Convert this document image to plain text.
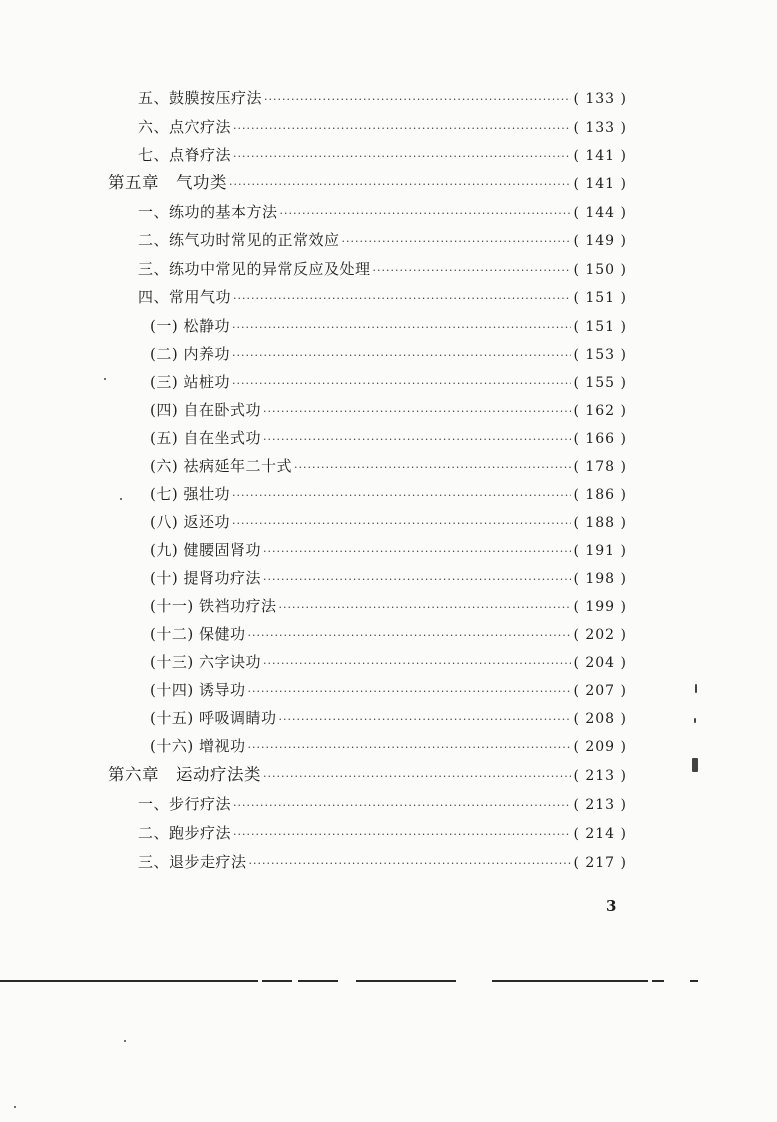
五、鼓膜按压疗法 ·····	( 133 )
六、点穴疗法 ·····	( 133 )
七、点脊疗法 ·····	( 141 )
第五章　气功类 ·····	( 141 )
一、练功的基本方法 ·····	( 144 )
二、练气功时常见的正常效应 ·····	( 149 )
三、练功中常见的异常反应及处理 ·····	( 150 )
四、常用气功 ·····	( 151 )
(一) 松静功 ·····	( 151 )
(二) 内养功 ·····	( 153 )
(三) 站桩功 ·····	( 155 )
(四) 自在卧式功 ·····	( 162 )
(五) 自在坐式功 ·····	( 166 )
(六) 祛病延年二十式 ·····	( 178 )
(七) 强壮功 ·····	( 186 )
(八) 返还功 ·····	( 188 )
(九) 健腰固肾功 ·····	( 191 )
(十) 提肾功疗法 ·····	( 198 )
(十一) 铁裆功疗法 ·····	( 199 )
(十二) 保健功 ·····	( 202 )
(十三) 六字诀功 ·····	( 204 )
(十四) 诱导功 ·····	( 207 )
(十五) 呼吸调睛功 ·····	( 208 )
(十六) 增视功 ·····	( 209 )
第六章　运动疗法类 ·····	( 213 )
一、步行疗法 ·····	( 213 )
二、跑步疗法 ·····	( 214 )
三、退步走疗法 ·····	( 217 )
3
